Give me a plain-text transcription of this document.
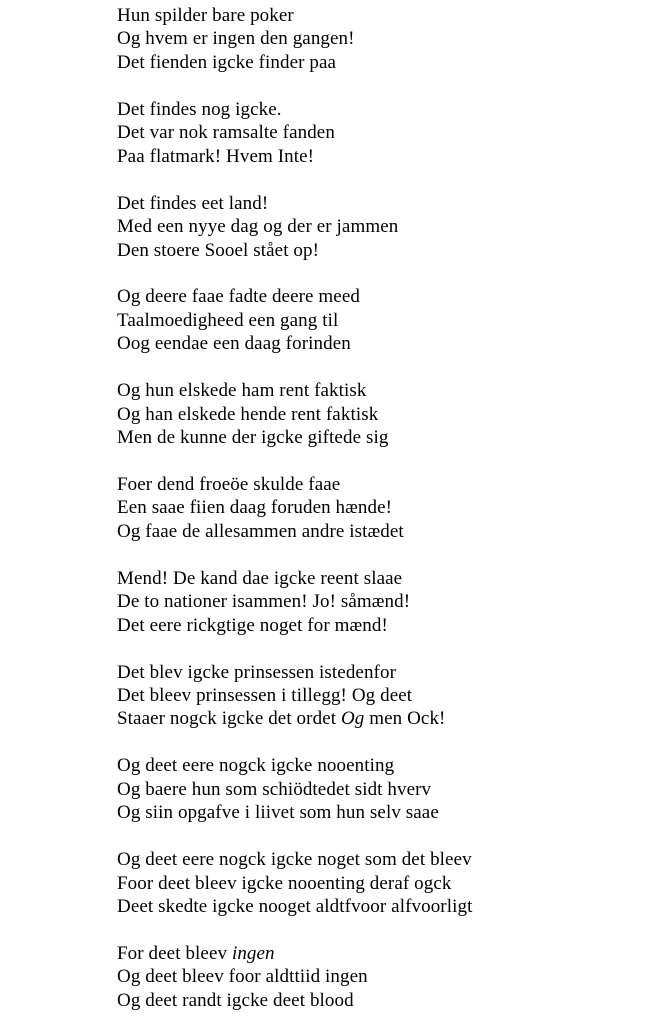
Hun spilder bare poker

Og hvem er ingen den gangen!

Det fienden igcke finder paa

Det findes nog igcke.

Det var nok ramsalte fanden

Paa flatmark! Hvem Inte!

Det findes eet land!

Med een nyye dag og der er jammen

Den stoere Sooel stået op!

Og deere faae fadte deere meed

Taalmoedigheed een gang til

Oog eendae een daag forinden

Og hun elskede ham rent faktisk

Og han elskede hende rent faktisk

Men de kunne der igcke giftede sig

Foer dend froeöe skulde faae

Een saae fiien daag foruden hænde!

Og faae de allesammen andre istædet

Mend! De kand dae igcke reent slaae

De to nationer isammen! Jo! såmænd!

Det eere rickgtige noget for mænd!

Det blev igcke prinsessen istedenfor

Det bleev prinsessen i tillegg! Og deet

Staaer nogck igcke det ordet Og men Ock!

Og deet eere nogck igcke nooenting

Og baere hun som schiödtedet sidt hverv

Og siin opgafve i liivet som hun selv saae

Og deet eere nogck igcke noget som det bleev

Foor deet bleev igcke nooenting deraf ogck

Deet skedte igcke nooget aldtfvoor alfvoorligt

For deet bleev ingen

Og deet bleev foor aldttiid ingen

Og deet randt igcke deet blood
